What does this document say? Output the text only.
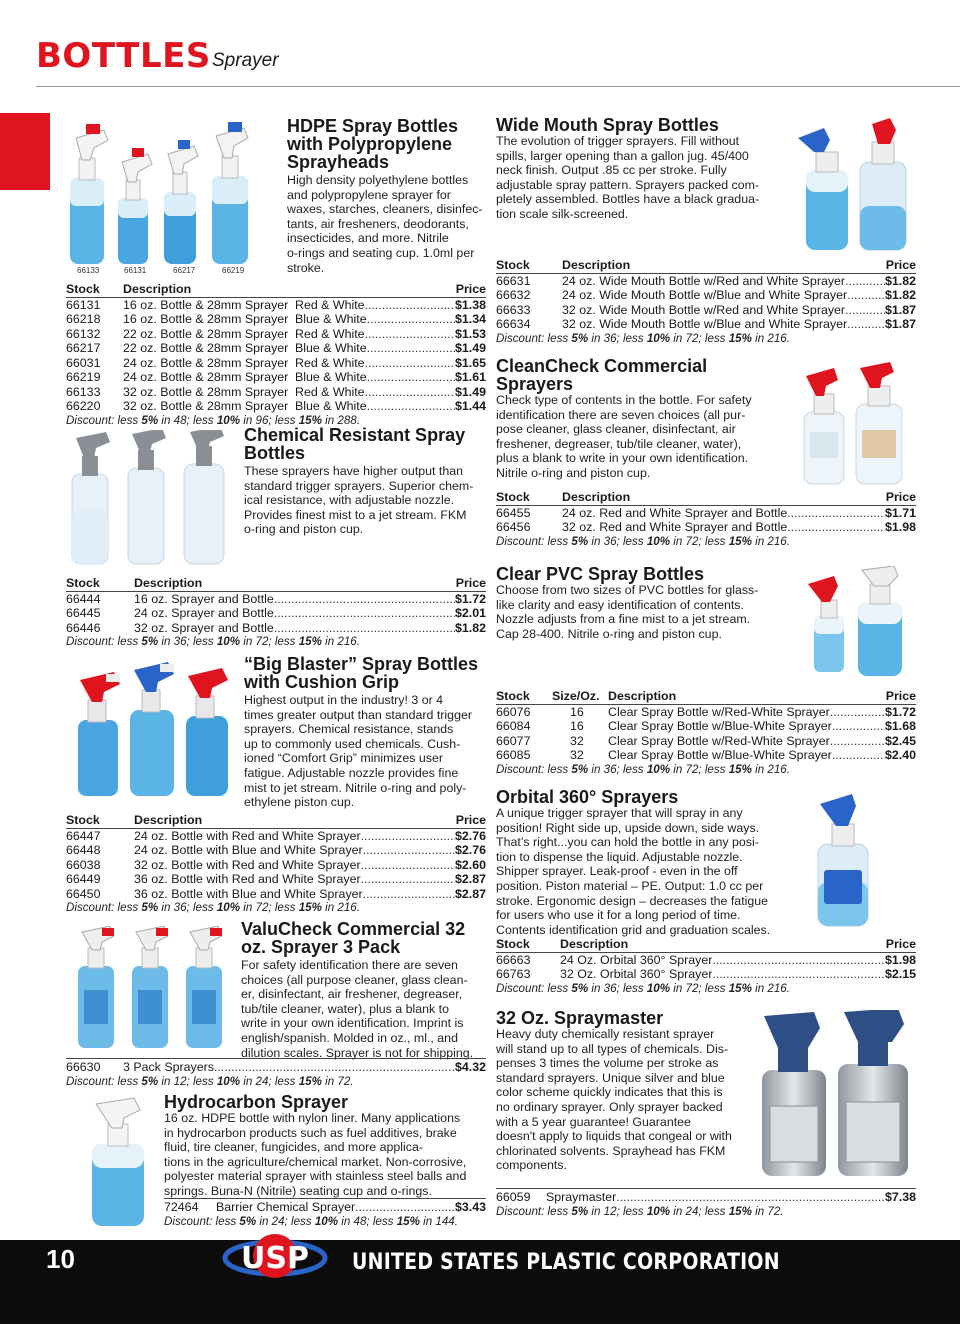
BOTTLES Sprayer
66133	66131	66217	66219
HDPE Spray Bottles
with Polypropylene
Sprayheads
High density polyethylene bottles
and polypropylene sprayer for
waxes, starches, cleaners, disinfec-
tants, air fresheners, deodorants,
insecticides, and more. Nitrile
o-rings and seating cup. 1.0ml per
stroke.
Stock	Description	Price
66131	16 oz. Bottle & 28mm Sprayer Red & White .....	$1.38
66218	16 oz. Bottle & 28mm Sprayer Blue & White .....	$1.34
66132	22 oz. Bottle & 28mm Sprayer Red & White .....	$1.53
66217	22 oz. Bottle & 28mm Sprayer Blue & White .....	$1.49
66031	24 oz. Bottle & 28mm Sprayer Red & White .....	$1.65
66219	24 oz. Bottle & 28mm Sprayer Blue & White .....	$1.61
66133	32 oz. Bottle & 28mm Sprayer Red & White .....	$1.49
66220	32 oz. Bottle & 28mm Sprayer Blue & White .....	$1.44
Discount: less 5% in 48; less 10% in 96; less 15% in 288.
Chemical Resistant Spray
Bottles
These sprayers have higher output than
standard trigger sprayers. Superior chem-
ical resistance, with adjustable nozzle.
Provides finest mist to a jet stream. FKM
o-ring and piston cup.
Stock	Description	Price
66444	16 oz. Sprayer and Bottle .....	$1.72
66445	24 oz. Sprayer and Bottle .....	$2.01
66446	32 oz. Sprayer and Bottle .....	$1.82
Discount: less 5% in 36; less 10% in 72; less 15% in 216.
“Big Blaster” Spray Bottles
with Cushion Grip
Highest output in the industry! 3 or 4
times greater output than standard trigger
sprayers. Chemical resistance, stands
up to commonly used chemicals. Cush-
ioned “Comfort Grip” minimizes user
fatigue. Adjustable nozzle provides fine
mist to jet stream. Nitrile o-ring and poly-
ethylene piston cup.
Stock	Description	Price
66447	24 oz. Bottle with Red and White Sprayer .....	$2.76
66448	24 oz. Bottle with Blue and White Sprayer .....	$2.76
66038	32 oz. Bottle with Red and White Sprayer .....	$2.60
66449	36 oz. Bottle with Red and White Sprayer .....	$2.87
66450	36 oz. Bottle with Blue and White Sprayer .....	$2.87
Discount: less 5% in 36; less 10% in 72; less 15% in 216.
ValuCheck Commercial 32
oz. Sprayer 3 Pack
For safety identification there are seven
choices (all purpose cleaner, glass clean-
er, disinfectant, air freshener, degreaser,
tub/tile cleaner, water), plus a blank to
write in your own identification. Imprint is
english/spanish. Molded in oz., ml., and
dilution scales. Sprayer is not for shipping.
66630	3 Pack Sprayers .....	$4.32
Discount: less 5% in 12; less 10% in 24; less 15% in 72.
Hydrocarbon Sprayer
16 oz. HDPE bottle with nylon liner. Many applications
in hydrocarbon products such as fuel additives, brake
fluid, tire cleaner, fungicides, and more applica-
tions in the agriculture/chemical market. Non-corrosive,
polyester material sprayer with stainless steel balls and
springs. Buna-N (Nitrile) seating cup and o-rings.
72464	Barrier Chemical Sprayer .....	$3.43
Discount: less 5% in 24; less 10% in 48; less 15% in 144.
Wide Mouth Spray Bottles
The evolution of trigger sprayers. Fill without
spills, larger opening than a gallon jug. 45/400
neck finish. Output .85 cc per stroke. Fully
adjustable spray pattern. Sprayers packed com-
pletely assembled. Bottles have a black gradua-
tion scale silk-screened.
Stock	Description	Price
66631	24 oz. Wide Mouth Bottle w/Red and White Sprayer .....	$1.82
66632	24 oz. Wide Mouth Bottle w/Blue and White Sprayer .....	$1.82
66633	32 oz. Wide Mouth Bottle w/Red and White Sprayer .....	$1.87
66634	32 oz. Wide Mouth Bottle w/Blue and White Sprayer .....	$1.87
Discount: less 5% in 36; less 10% in 72; less 15% in 216.
CleanCheck Commercial
Sprayers
Check type of contents in the bottle. For safety
identification there are seven choices (all pur-
pose cleaner, glass cleaner, disinfectant, air
freshener, degreaser, tub/tile cleaner, water),
plus a blank to write in your own identification.
Nitrile o-ring and piston cup.
Stock	Description	Price
66455	24 oz. Red and White Sprayer and Bottle .....	$1.71
66456	32 oz. Red and White Sprayer and Bottle .....	$1.98
Discount: less 5% in 36; less 10% in 72; less 15% in 216.
Clear PVC Spray Bottles
Choose from two sizes of PVC bottles for glass-
like clarity and easy identification of contents.
Nozzle adjusts from a fine mist to a jet stream.
Cap 28-400. Nitrile o-ring and piston cup.
Stock	Size/Oz. Description	Price
66076	16	Clear Spray Bottle w/Red-White Sprayer .....	$1.72
66084	16	Clear Spray Bottle w/Blue-White Sprayer .....	$1.68
66077	32	Clear Spray Bottle w/Red-White Sprayer .....	$2.45
66085	32	Clear Spray Bottle w/Blue-White Sprayer .....	$2.40
Discount: less 5% in 36; less 10% in 72; less 15% in 216.
Orbital 360° Sprayers
A unique trigger sprayer that will spray in any
position! Right side up, upside down, side ways.
That’s right...you can hold the bottle in any posi-
tion to dispense the liquid. Adjustable nozzle.
Shipper sprayer. Leak-proof - even in the off
position. Piston material – PE. Output: 1.0 cc per
stroke. Ergonomic design – decreases the fatigue
for users who use it for a long period of time.
Contents identification grid and graduation scales.
Stock	Description	Price
66663	24 Oz. Orbital 360° Sprayer .....	$1.98
66763	32 Oz. Orbital 360° Sprayer .....	$2.15
Discount: less 5% in 36; less 10% in 72; less 15% in 216.
32 Oz. Spraymaster
Heavy duty chemically resistant sprayer
will stand up to all types of chemicals. Dis-
penses 3 times the volume per stroke as
standard sprayers. Unique silver and blue
color scheme quickly indicates that this is
no ordinary sprayer. Only sprayer backed
with a 5 year guarantee! Guarantee
doesn't apply to liquids that congeal or with
chlorinated solvents. Sprayhead has FKM
components.
66059	Spraymaster .....	$7.38
Discount: less 5% in 12; less 10% in 24; less 15% in 72.
10	USP UNITED STATES PLASTIC CORPORATION
